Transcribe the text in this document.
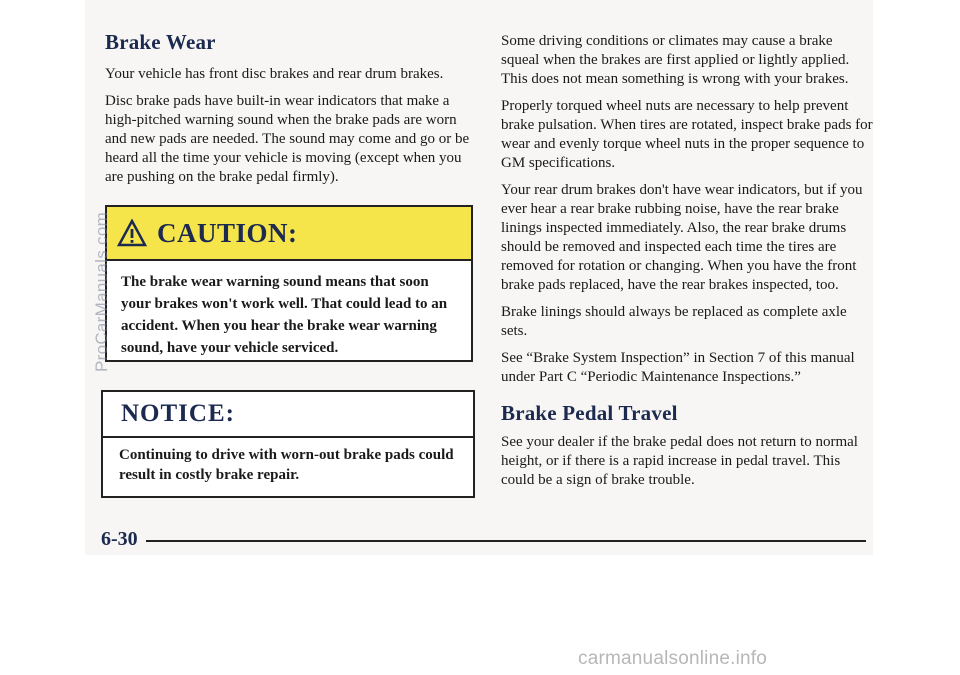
Brake Wear

Your vehicle has front disc brakes and rear drum brakes.

Disc brake pads have built-in wear indicators that make a high-pitched warning sound when the brake pads are worn and new pads are needed. The sound may come and go or be heard all the time your vehicle is moving (except when you are pushing on the brake pedal firmly).

CAUTION:
The brake wear warning sound means that soon your brakes won't work well. That could lead to an accident. When you hear the brake wear warning sound, have your vehicle serviced.
NOTICE:
Continuing to drive with worn-out brake pads could result in costly brake repair.

Some driving conditions or climates may cause a brake squeal when the brakes are first applied or lightly applied. This does not mean something is wrong with your brakes.

Properly torqued wheel nuts are necessary to help prevent brake pulsation. When tires are rotated, inspect brake pads for wear and evenly torque wheel nuts in the proper sequence to GM specifications.

Your rear drum brakes don't have wear indicators, but if you ever hear a rear brake rubbing noise, have the rear brake linings inspected immediately. Also, the rear brake drums should be removed and inspected each time the tires are removed for rotation or changing. When you have the front brake pads replaced, have the rear brakes inspected, too.

Brake linings should always be replaced as complete axle sets.

See “Brake System Inspection” in Section 7 of this manual under Part C “Periodic Maintenance Inspections.”

Brake Pedal Travel

See your dealer if the brake pedal does not return to normal height, or if there is a rapid increase in pedal travel. This could be a sign of brake trouble.

6-30
ProCarManuals.com
carmanualsonline.info
